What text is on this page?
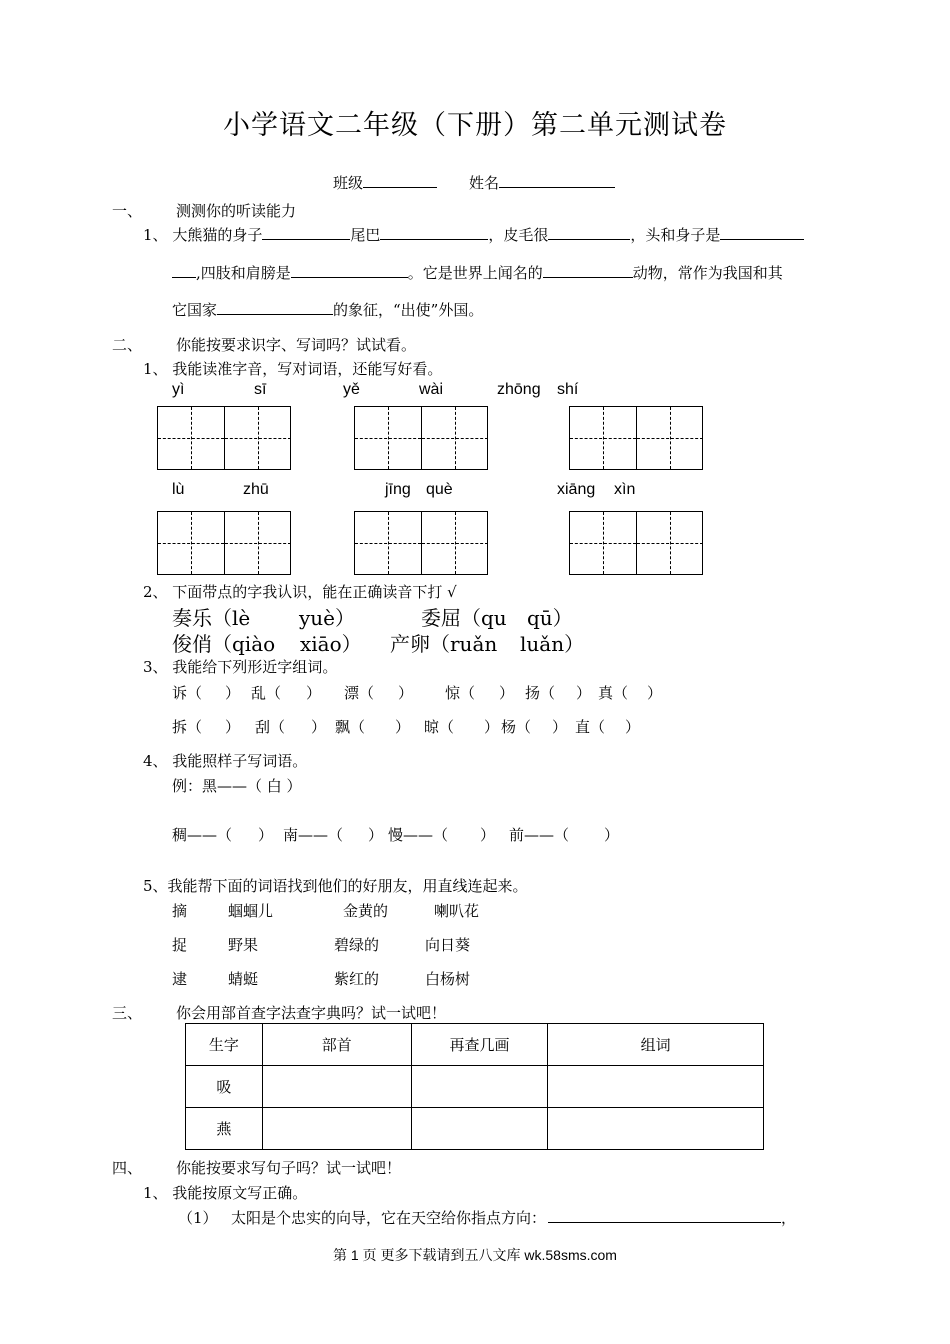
小学语文二年级（下册）第二单元测试卷
班级	姓名
一、 测测你的听读能力
1、 大熊猫的身子	尾巴	，皮毛很	，头和身子是
,四肢和肩膀是	。它是世界上闻名的	动物，常作为我国和其
它国家	的象征，“出使”外国。
二、 你能按要求识字、写词吗？试试看。
1、 我能读准字音，写对词语，还能写好看。
yì	sī	yě	wài	zhōng shí
lù	zhū	jīng què	xiāng xìn
2、 下面带点的字我认识，能在正确读音下打 √
奏乐（lè yuè）	委屈（qu qū）
俊俏（qiào xiāo） 产卵（ruǎn luǎn）
3、 我能给下列形近字组词。
诉（ ） 乱（ ） 漂（ ） 惊（ ） 扬（ ） 真（ ）
拆（ ） 刮（ ） 飘（ ） 晾（ ） 杨（ ） 直（ ）
4、 我能照样子写词语。
例：黑——（ 白 ）
稠——（ ） 南——（ ） 慢——（ ） 前——（ ）
5、我能帮下面的词语找到他们的好朋友，用直线连起来。
摘	蝈蝈儿	金黄的	喇叭花
捉	野果	碧绿的	向日葵
逮	蜻蜓	紫红的	白杨树
三、 你会用部首查字法查字典吗？试一试吧！
生字	部首	再查几画	组词
吸			
燕			
四、 你能按要求写句子吗？试一试吧！
1、 我能按原文写正确。
（1） 太阳是个忠实的向导，它在天空给你指点方向：	，
第 1 页 更多下载请到五八文库 wk.58sms.com
